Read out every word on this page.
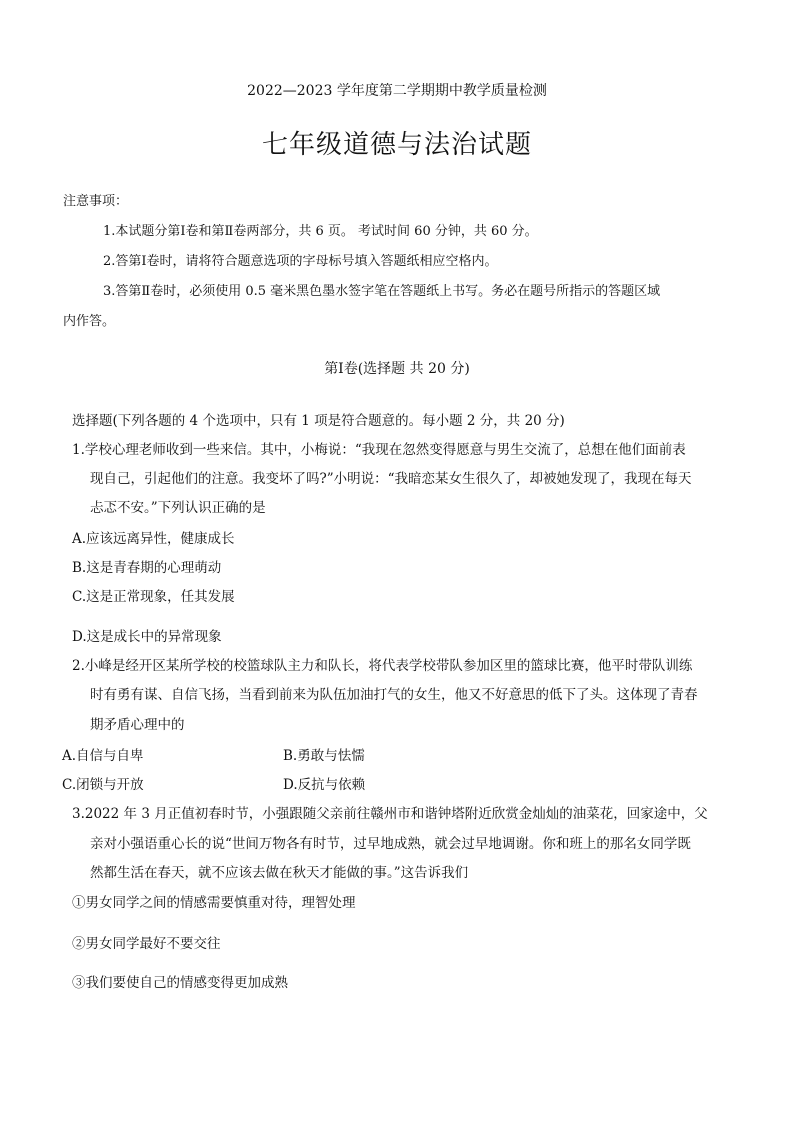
2022—2023 学年度第二学期期中教学质量检测
七年级道德与法治试题
注意事项：
1.本试题分第Ⅰ卷和第Ⅱ卷两部分，共 6 页。 考试时间 60 分钟，共 60 分。
2.答第Ⅰ卷时，请将符合题意选项的字母标号填入答题纸相应空格内。
3.答第Ⅱ卷时，必须使用 0.5 毫米黑色墨水签字笔在答题纸上书写。务必在题号所指示的答题区域
内作答。
第Ⅰ卷(选择题 共 20 分)
选择题(下列各题的 4 个选项中，只有 1 项是符合题意的。每小题 2 分，共 20 分)
1.学校心理老师收到一些来信。其中，小梅说：“我现在忽然变得愿意与男生交流了，总想在他们面前表
现自己，引起他们的注意。我变坏了吗?”小明说：“我暗恋某女生很久了，却被她发现了，我现在每天
忐忑不安。”下列认识正确的是
A.应该远离异性，健康成长
B.这是青春期的心理萌动
C.这是正常现象，任其发展
D.这是成长中的异常现象
2.小峰是经开区某所学校的校篮球队主力和队长，将代表学校带队参加区里的篮球比赛，他平时带队训练
时有勇有谋、自信飞扬，当看到前来为队伍加油打气的女生，他又不好意思的低下了头。这体现了青春
期矛盾心理中的
A.自信与自卑	B.勇敢与怯懦
C.闭锁与开放	D.反抗与依赖
3.2022 年 3 月正值初春时节，小强跟随父亲前往赣州市和谐钟塔附近欣赏金灿灿的油菜花，回家途中，父
亲对小强语重心长的说“世间万物各有时节，过早地成熟，就会过早地调谢。你和班上的那名女同学既
然都生活在春天，就不应该去做在秋天才能做的事。”这告诉我们
①男女同学之间的情感需要慎重对待，理智处理
②男女同学最好不要交往
③我们要使自己的情感变得更加成熟
